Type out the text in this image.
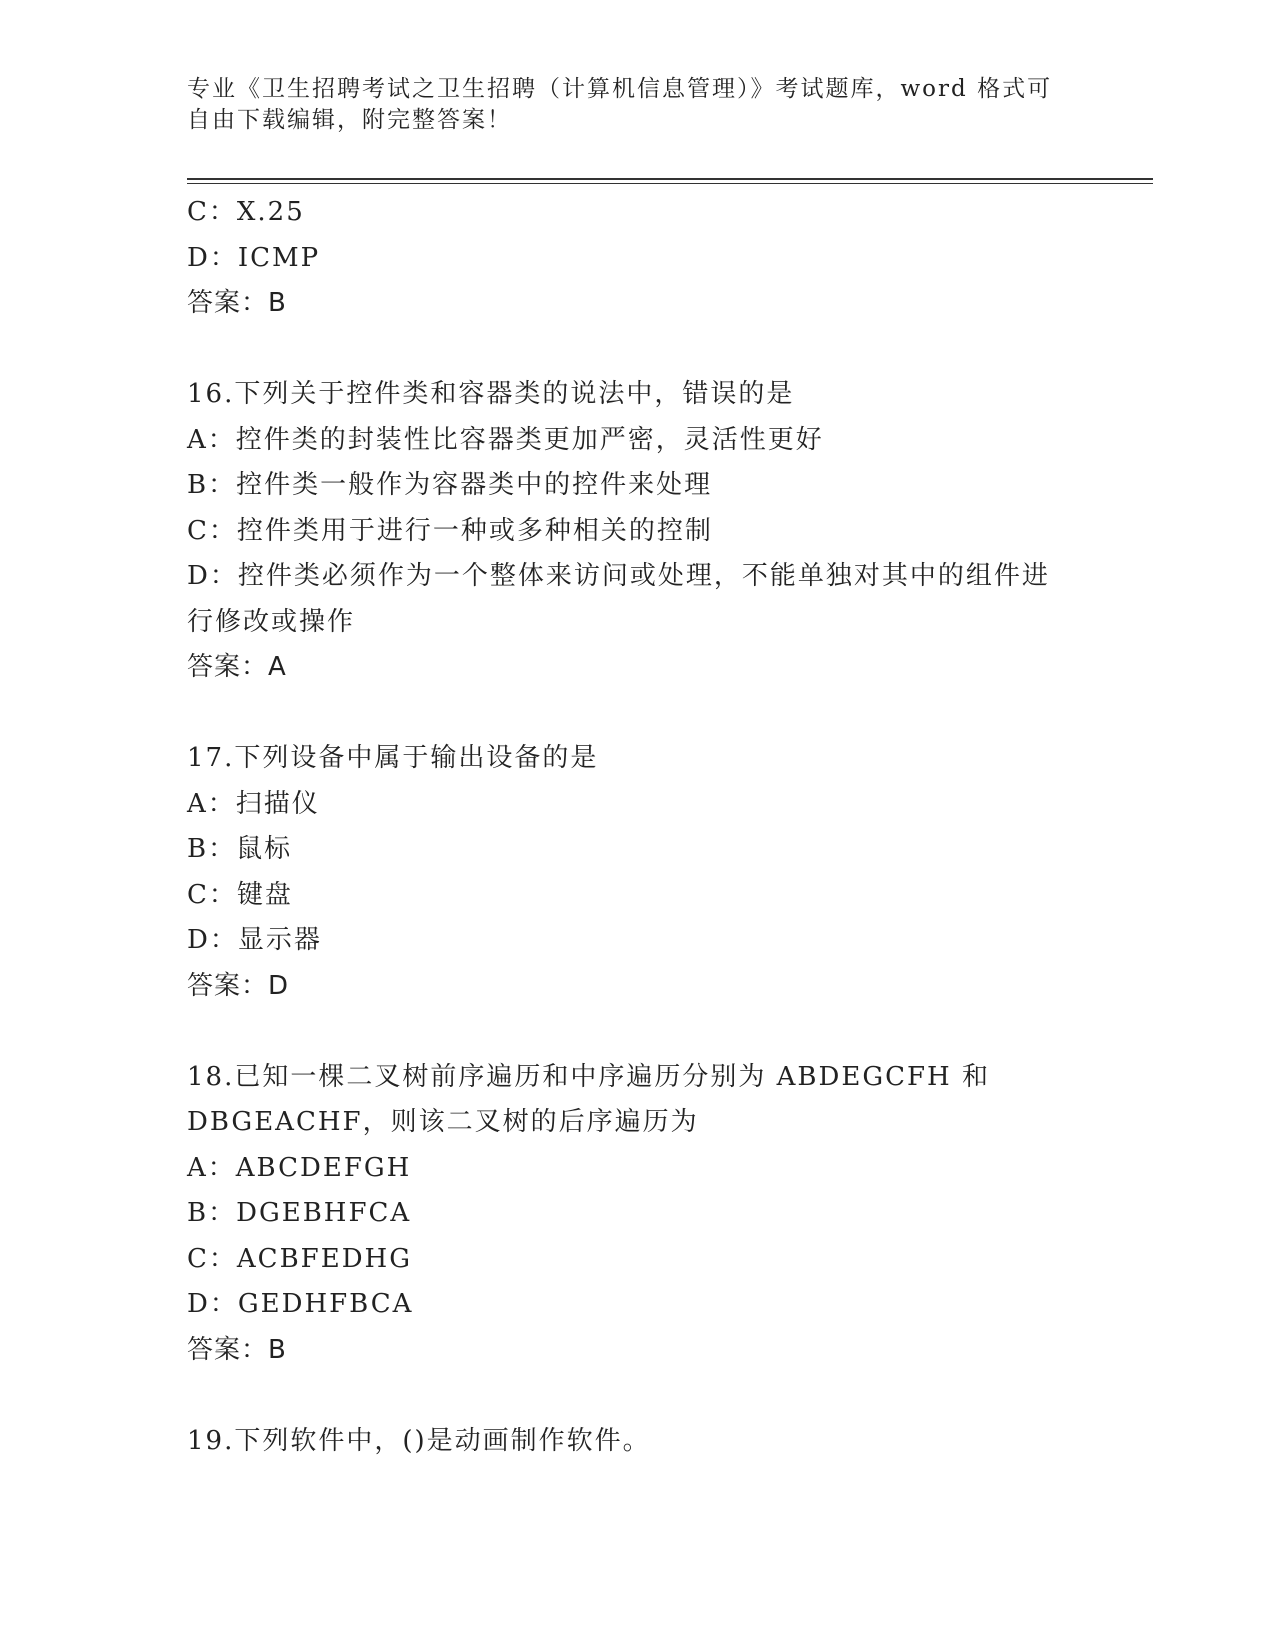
专业《卫生招聘考试之卫生招聘（计算机信息管理）》考试题库，word 格式可自由下载编辑，附完整答案！
C：X.25
D：ICMP
答案：B
16.下列关于控件类和容器类的说法中，错误的是
A：控件类的封装性比容器类更加严密，灵活性更好
B：控件类一般作为容器类中的控件来处理
C：控件类用于进行一种或多种相关的控制
D：控件类必须作为一个整体来访问或处理，不能单独对其中的组件进行修改或操作
答案：A
17.下列设备中属于输出设备的是
A：扫描仪
B：鼠标
C：键盘
D：显示器
答案：D
18.已知一棵二叉树前序遍历和中序遍历分别为 ABDEGCFH 和 DBGEACHF，则该二叉树的后序遍历为
A：ABCDEFGH
B：DGEBHFCA
C：ACBFEDHG
D：GEDHFBCA
答案：B
19.下列软件中，()是动画制作软件。
